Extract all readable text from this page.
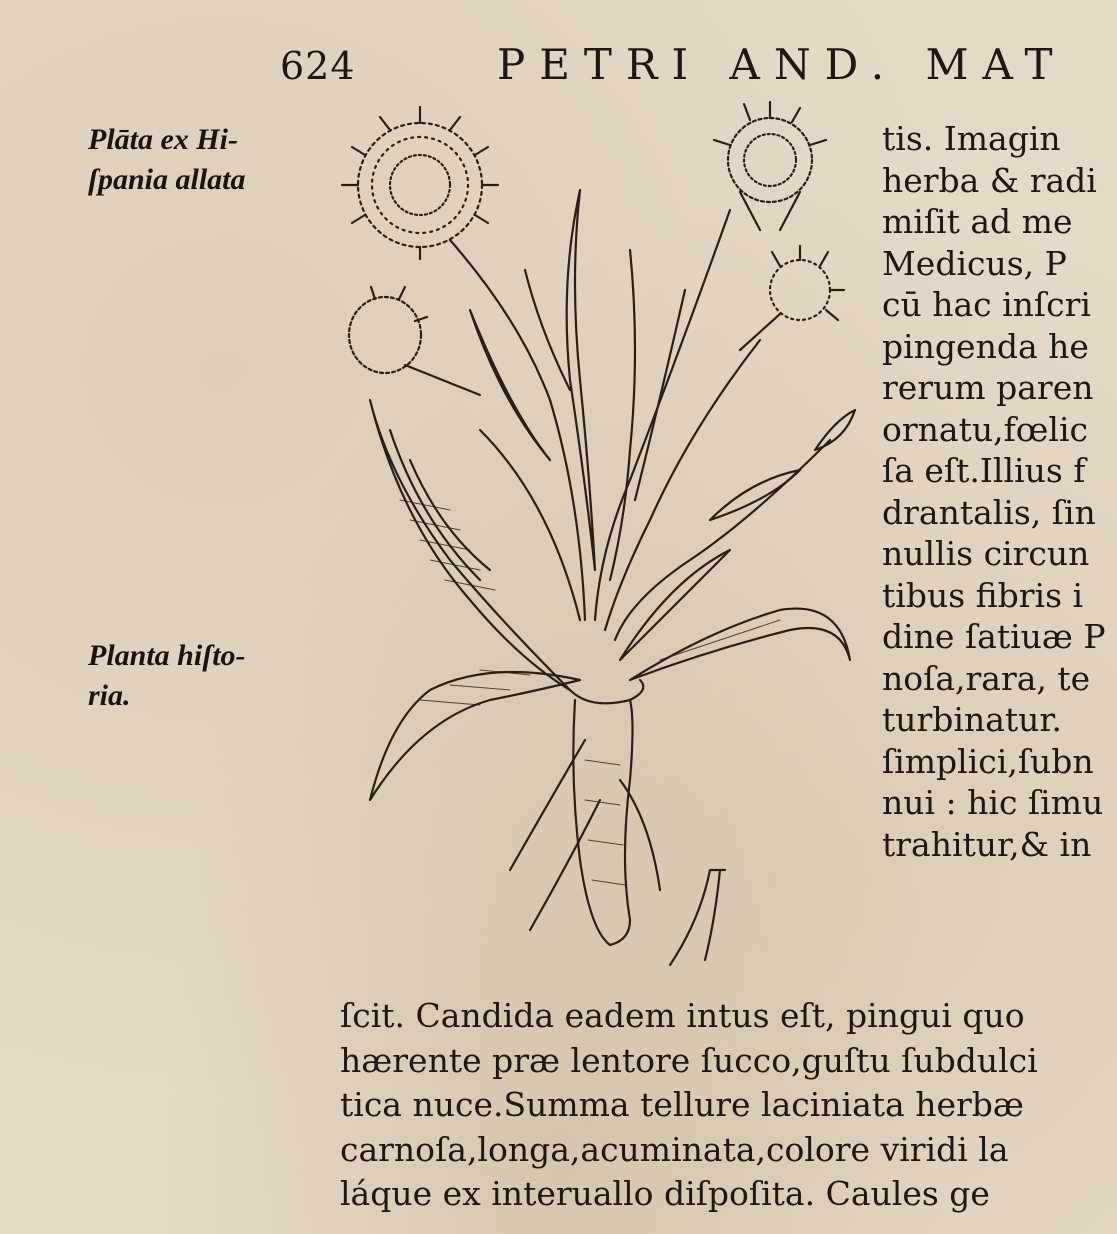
624	PETRI AND. MAT
Plāta ex Hi-
ſpania allata
Planta hiſto-
ria.
tis. Imagin
herba & radi
miſit ad me
Medicus, P
cū hac inſcri
pingenda he
rerum paren
ornatu,fœlic
ſa eſt.Illius f
drantalis, ſin
nullis circun
tibus fibris i
dine ſatiuæ P
noſa,rara, te
turbinatur.
ſimplici,ſubn
nui : hic ſimu
trahitur,& in
ſcit. Candida eadem intus eſt, pingui quo
hærente præ lentore ſucco,guſtu ſubdulci
tica nuce.Summa tellure laciniata herbæ
carnoſa,longa,acuminata,colore viridi la
láque ex interuallo diſpoſita. Caules ge
